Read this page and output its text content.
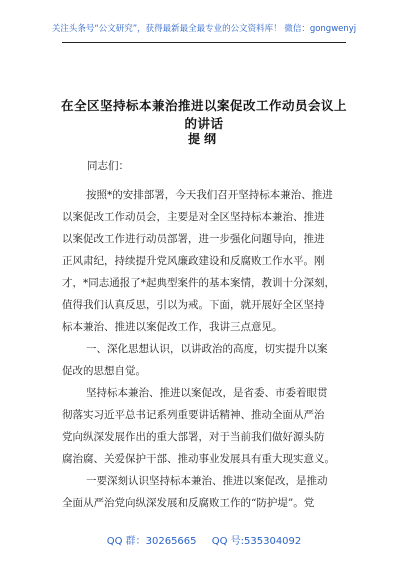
关注头条号“公文研究”，获得最新最全最专业的公文资料库！ 微信：gongwenyj
在全区坚持标本兼治推进以案促改工作动员会议上的讲话
提纲
同志们：

按照*的安排部署，今天我们召开坚持标本兼治、推进

以案促改工作动员会，主要是对全区坚持标本兼治、推进

以案促改工作进行动员部署，进一步强化问题导向，推进

正风肃纪，持续提升党风廉政建设和反腐败工作水平。刚

才，*同志通报了*起典型案件的基本案情，教训十分深刻，

值得我们认真反思，引以为戒。下面，就开展好全区坚持

标本兼治、推进以案促改工作，我讲三点意见。

一、深化思想认识，以讲政治的高度，切实提升以案

促改的思想自觉。

坚持标本兼治、推进以案促改，是省委、市委着眼贯

彻落实习近平总书记系列重要讲话精神、推动全面从严治

党向纵深发展作出的重大部署，对于当前我们做好源头防

腐治腐、关爱保护干部、推动事业发展具有重大现实意义。

一要深刻认识坚持标本兼治、推进以案促改，是推动

全面从严治党向纵深发展和反腐败工作的“防护堤”。党

QQ 群：30265665 QQ 号:535304092
